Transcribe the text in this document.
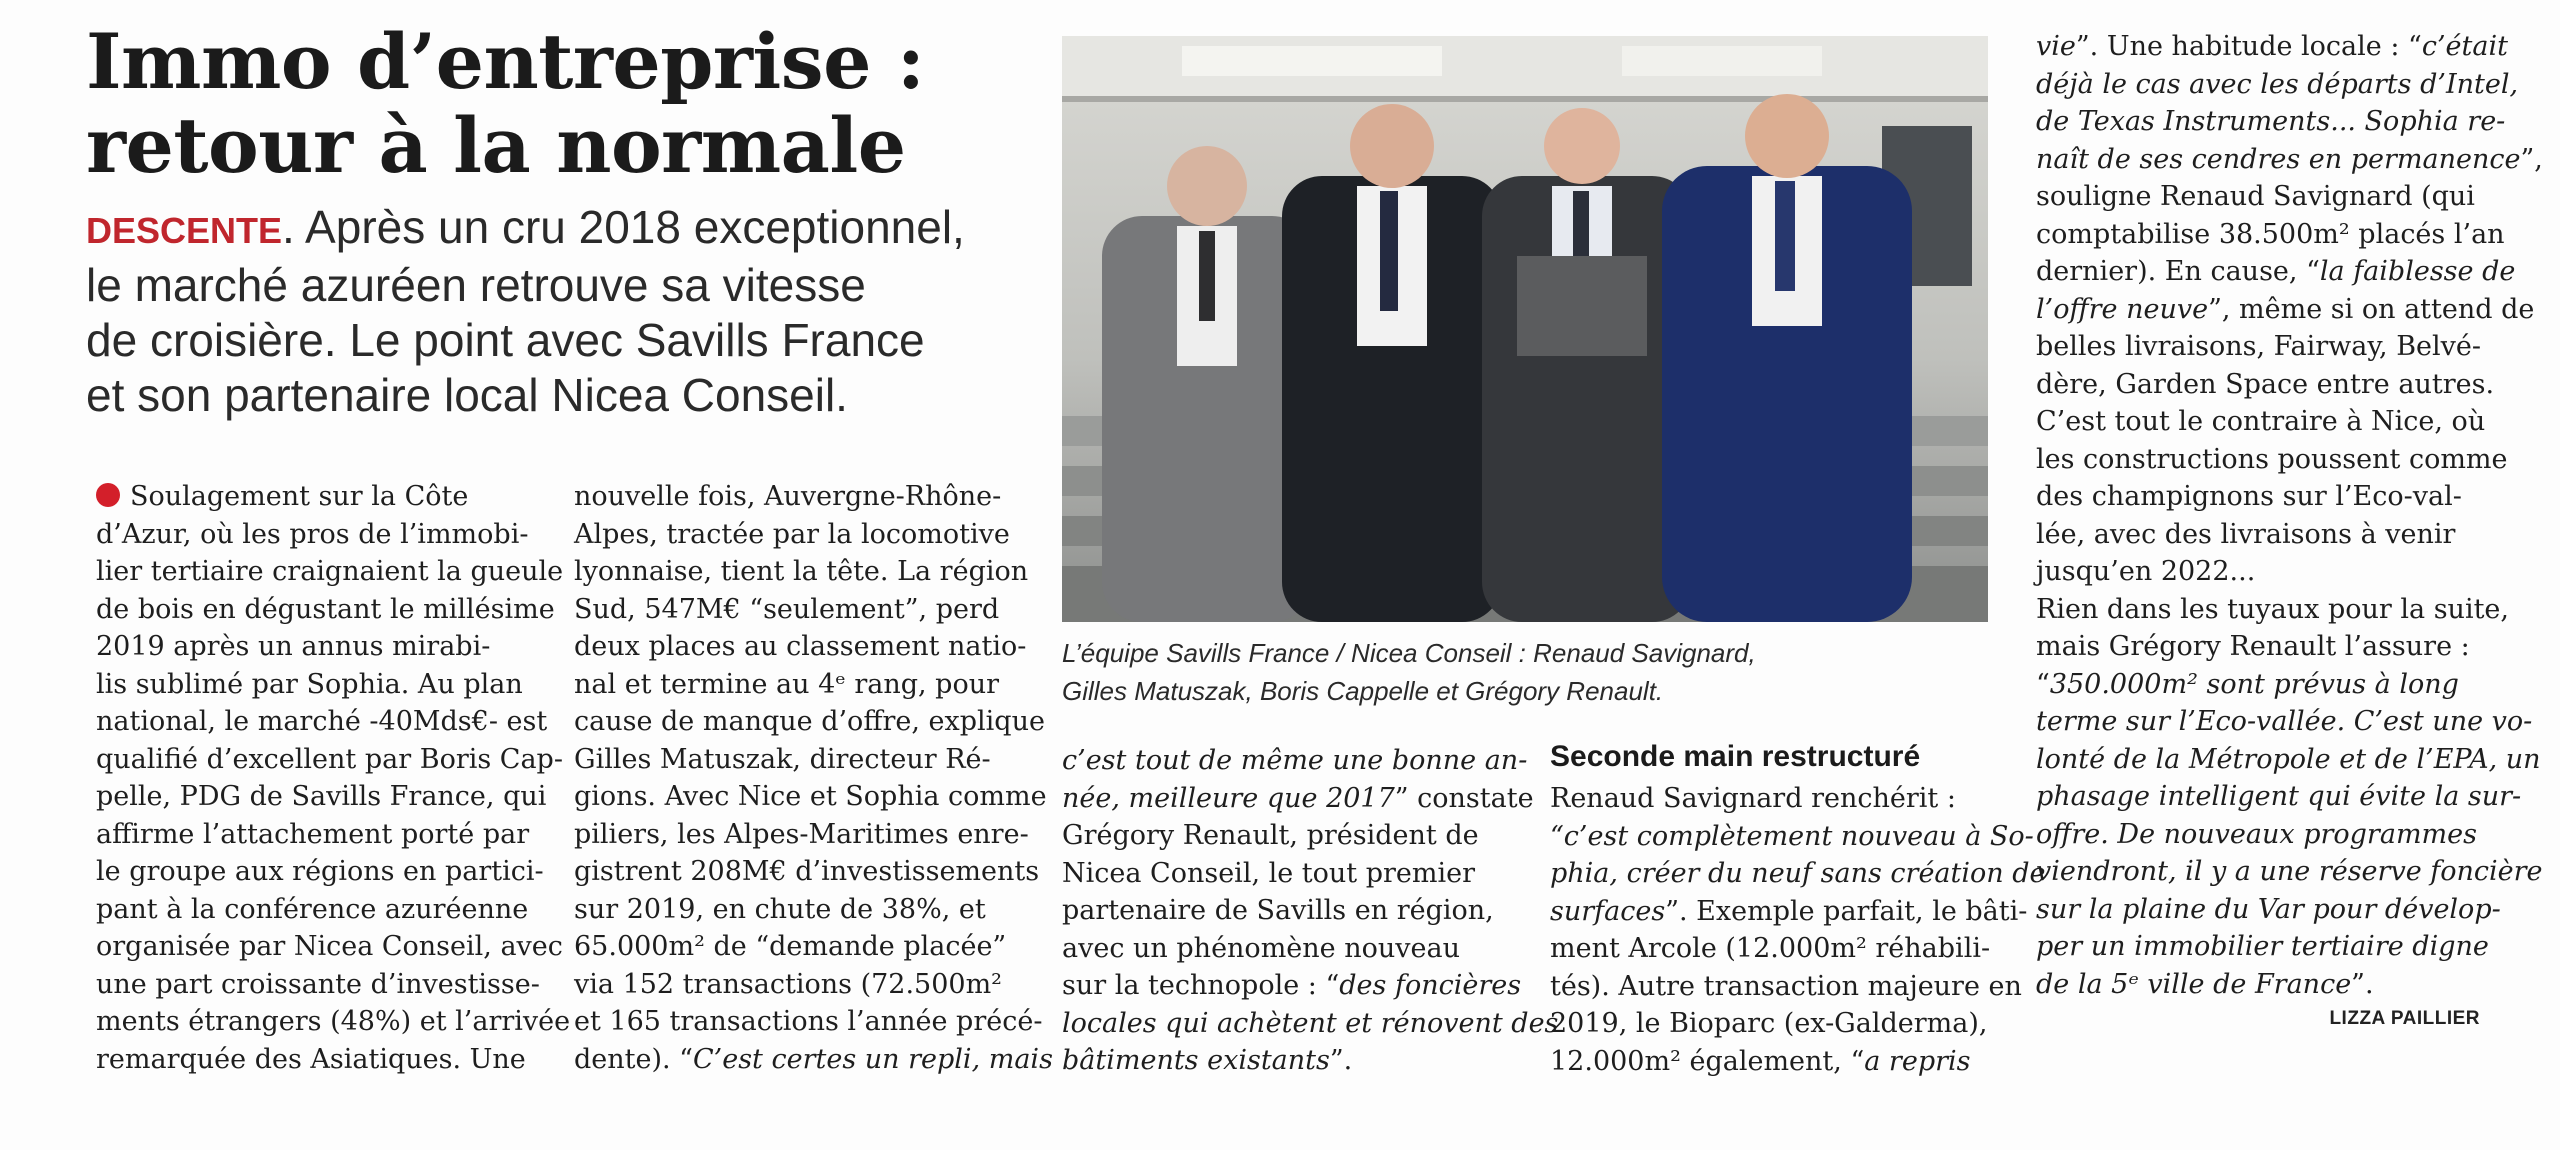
Immo d’entreprise :
retour à la normale
DESCENTE. Après un cru 2018 exceptionnel,
le marché azuréen retrouve sa vitesse
de croisière. Le point avec Savills France
et son partenaire local Nicea Conseil.
L’équipe Savills France / Nicea Conseil : Renaud Savignard,
Gilles Matuszak, Boris Cappelle et Grégory Renault.
Soulagement sur la Côte
d’Azur, où les pros de l’immobi-
lier tertiaire craignaient la gueule
de bois en dégustant le millésime
2019 après un annus mirabi-
lis sublimé par Sophia. Au plan
national, le marché -40Mds€- est
qualifié d’excellent par Boris Cap-
pelle, PDG de Savills France, qui
affirme l’attachement porté par
le groupe aux régions en partici-
pant à la conférence azuréenne
organisée par Nicea Conseil, avec
une part croissante d’investisse-
ments étrangers (48%) et l’arrivée
remarquée des Asiatiques. Une
nouvelle fois, Auvergne-Rhône-
Alpes, tractée par la locomotive
lyonnaise, tient la tête. La région
Sud, 547M€ “seulement”, perd
deux places au classement natio-
nal et termine au 4ᵉ rang, pour
cause de manque d’offre, explique
Gilles Matuszak, directeur Ré-
gions. Avec Nice et Sophia comme
piliers, les Alpes-Maritimes enre-
gistrent 208M€ d’investissements
sur 2019, en chute de 38%, et
65.000m² de “demande placée”
via 152 transactions (72.500m²
et 165 transactions l’année précé-
dente). “C’est certes un repli, mais
c’est tout de même une bonne an-
née, meilleure que 2017” constate
Grégory Renault, président de
Nicea Conseil, le tout premier
partenaire de Savills en région,
avec un phénomène nouveau
sur la technopole : “des foncières
locales qui achètent et rénovent des
bâtiments existants”.
Seconde main restructuré
Renaud Savignard renchérit :
“c’est complètement nouveau à So-
phia, créer du neuf sans création de
surfaces”. Exemple parfait, le bâti-
ment Arcole (12.000m² réhabili-
tés). Autre transaction majeure en
2019, le Bioparc (ex-Galderma),
12.000m² également, “a repris
vie”. Une habitude locale : “c’était
déjà le cas avec les départs d’Intel,
de Texas Instruments... Sophia re-
naît de ses cendres en permanence”,
souligne Renaud Savignard (qui
comptabilise 38.500m² placés l’an
dernier). En cause, “la faiblesse de
l’offre neuve”, même si on attend de
belles livraisons, Fairway, Belvé-
dère, Garden Space entre autres.
C’est tout le contraire à Nice, où
les constructions poussent comme
des champignons sur l’Eco-val-
lée, avec des livraisons à venir
jusqu’en 2022...
Rien dans les tuyaux pour la suite,
mais Grégory Renault l’assure :
“350.000m² sont prévus à long
terme sur l’Eco-vallée. C’est une vo-
lonté de la Métropole et de l’EPA, un
phasage intelligent qui évite la sur-
offre. De nouveaux programmes
viendront, il y a une réserve foncière
sur la plaine du Var pour dévelop-
per un immobilier tertiaire digne
de la 5ᵉ ville de France”.
LIZZA PAILLIER
